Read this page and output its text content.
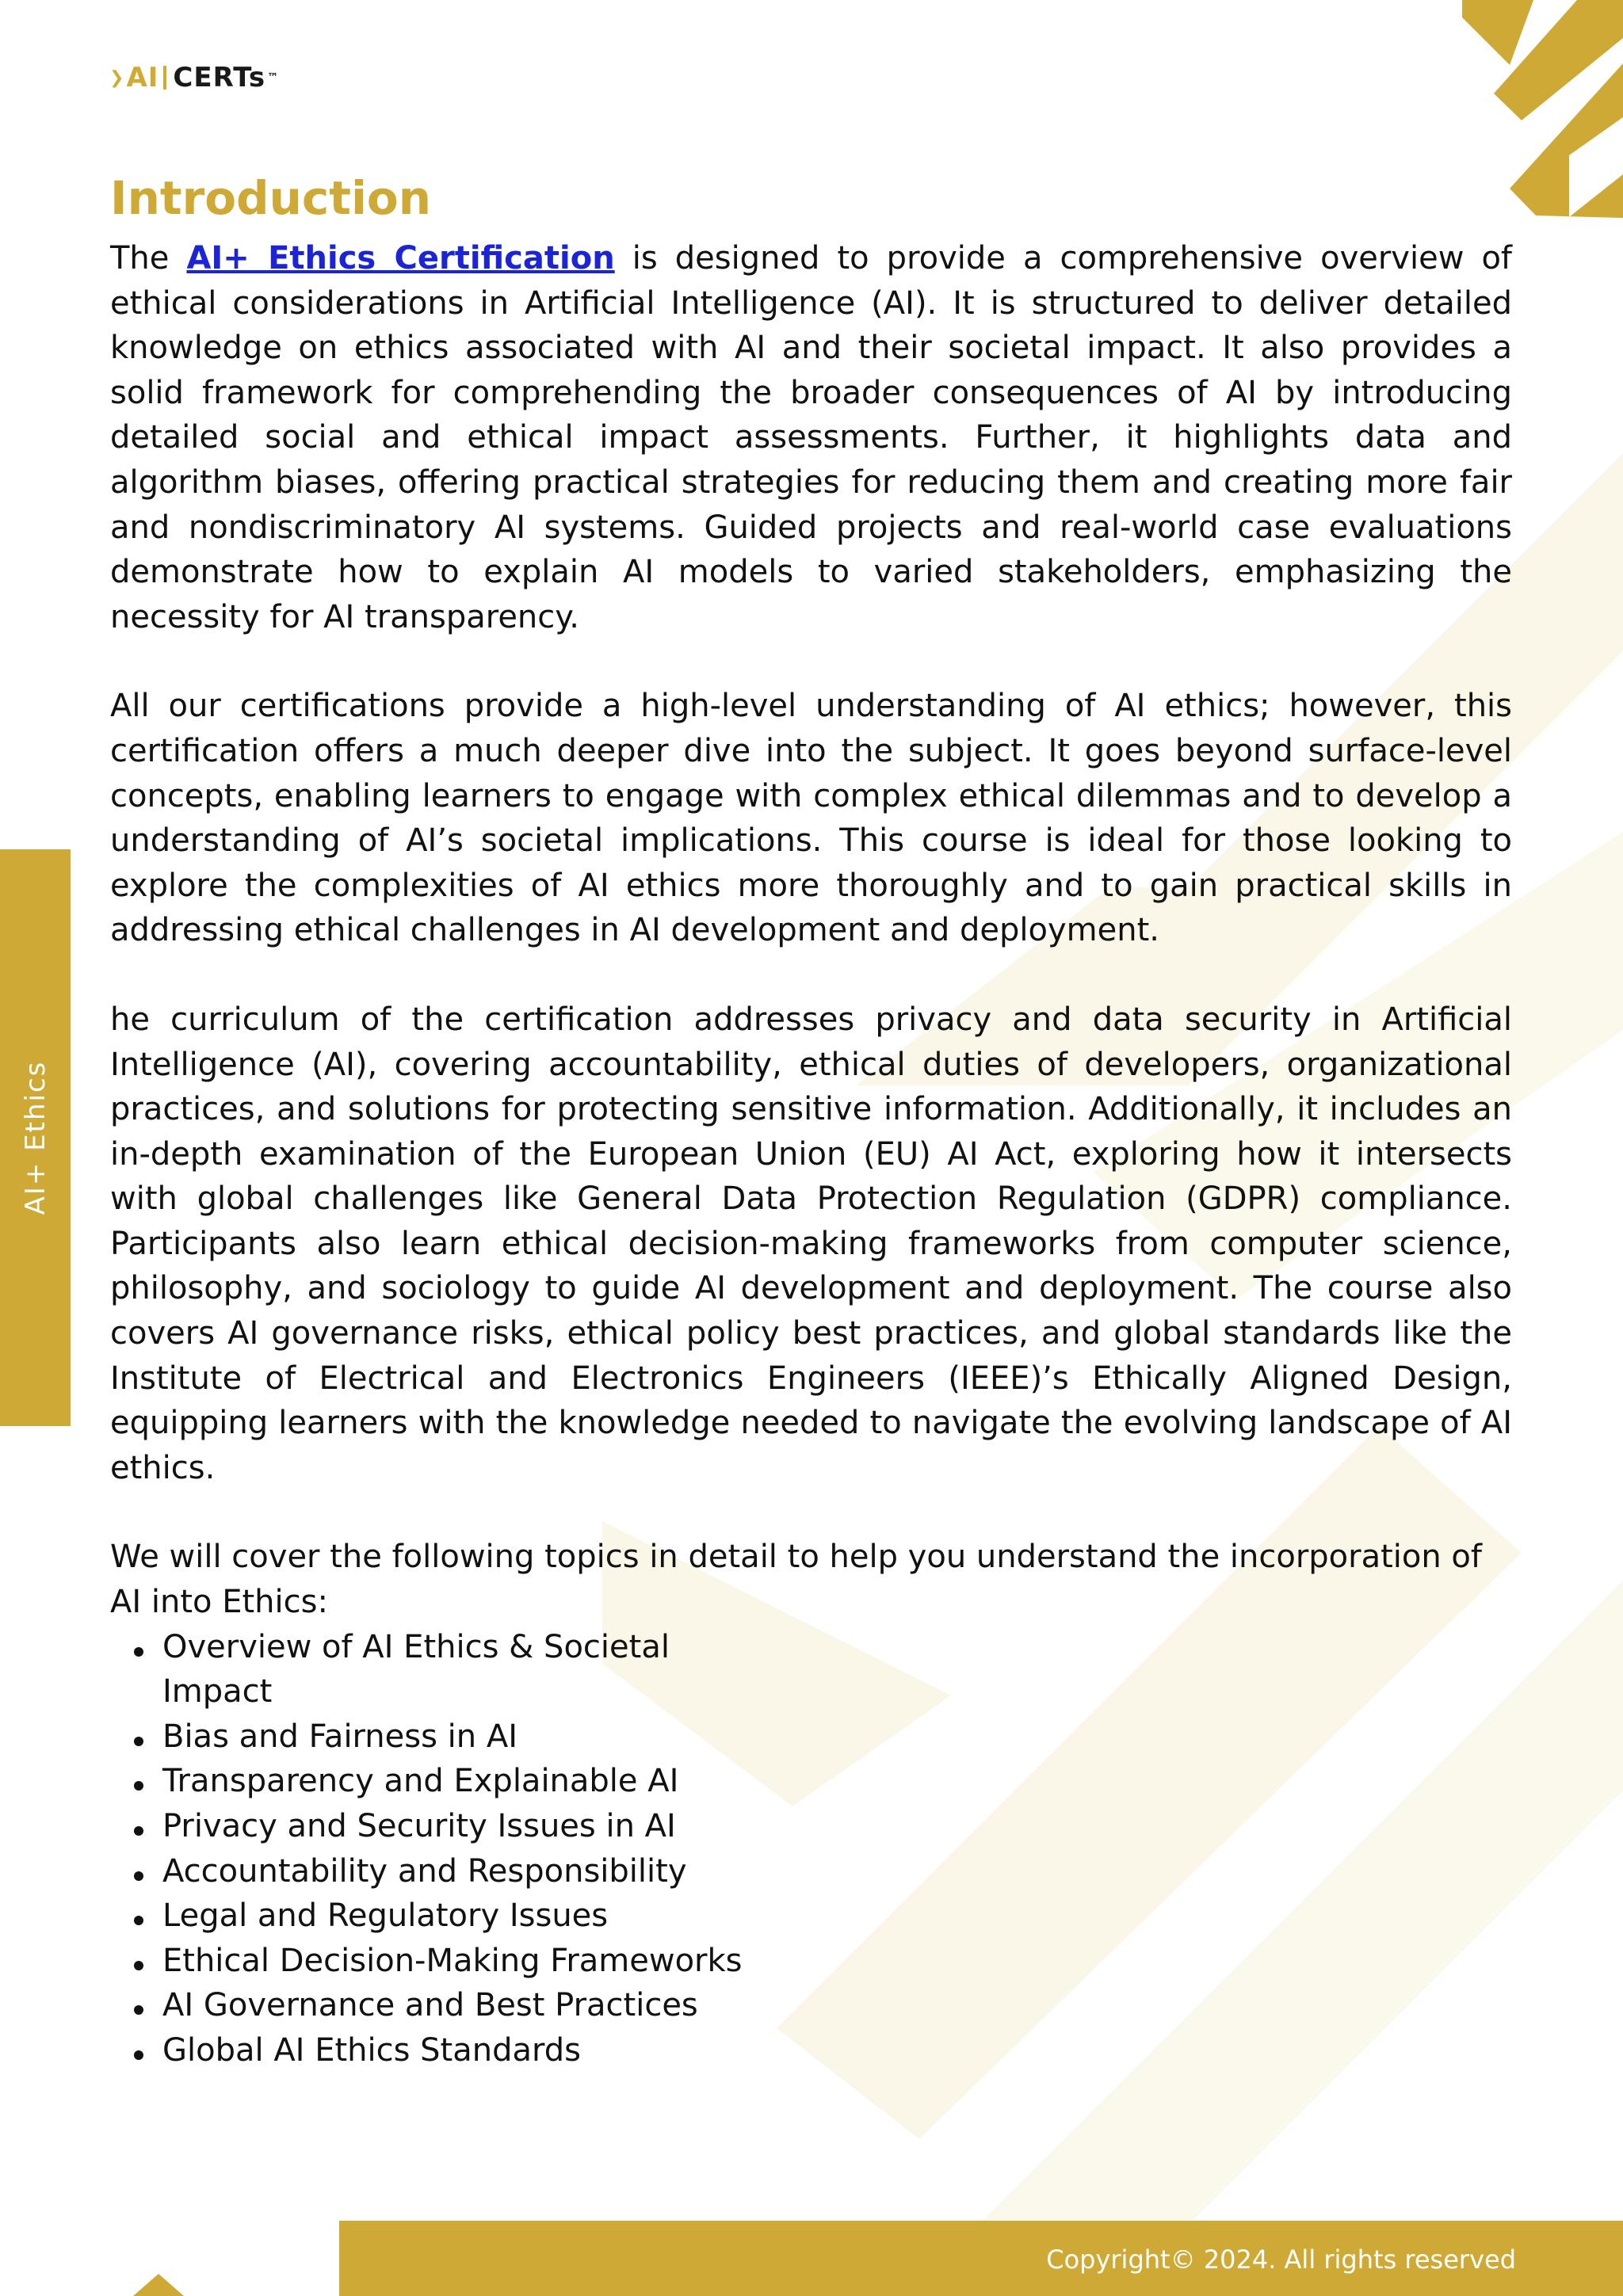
❯ AI CERTs ™
AI+ Ethics
Introduction

The AI+ Ethics Certification is designed to provide a comprehensive overview of ethical considerations in Artificial Intelligence (AI). It is structured to deliver detailed knowledge on ethics associated with AI and their societal impact. It also provides a solid framework for comprehending the broader consequences of AI by introducing detailed social and ethical impact assessments. Further, it highlights data and algorithm biases, offering practical strategies for reducing them and creating more fair and nondiscriminatory AI systems. Guided projects and real-world case evaluations demonstrate how to explain AI models to varied stakeholders, emphasizing the necessity for AI transparency.

All our certifications provide a high-level understanding of AI ethics; however, this certification offers a much deeper dive into the subject. It goes beyond surface-level concepts, enabling learners to engage with complex ethical dilemmas and to develop a understanding of AI’s societal implications. This course is ideal for those looking to explore the complexities of AI ethics more thoroughly and to gain practical skills in addressing ethical challenges in AI development and deployment.

he curriculum of the certification addresses privacy and data security in Artificial Intelligence (AI), covering accountability, ethical duties of developers, organizational practices, and solutions for protecting sensitive information. Additionally, it includes an in-depth examination of the European Union (EU) AI Act, exploring how it intersects with global challenges like General Data Protection Regulation (GDPR) compliance. Participants also learn ethical decision-making frameworks from computer science, philosophy, and sociology to guide AI development and deployment. The course also covers AI governance risks, ethical policy best practices, and global standards like the Institute of Electrical and Electronics Engineers (IEEE)’s Ethically Aligned Design, equipping learners with the knowledge needed to navigate the evolving landscape of AI ethics.

We will cover the following topics in detail to help you understand the incorporation of AI into Ethics:

Overview of AI Ethics & Societal Impact
Bias and Fairness in AI
Transparency and Explainable AI
Privacy and Security Issues in AI
Accountability and Responsibility
Legal and Regulatory Issues
Ethical Decision-Making Frameworks
AI Governance and Best Practices
Global AI Ethics Standards
Copyright© 2024. All rights reserved
